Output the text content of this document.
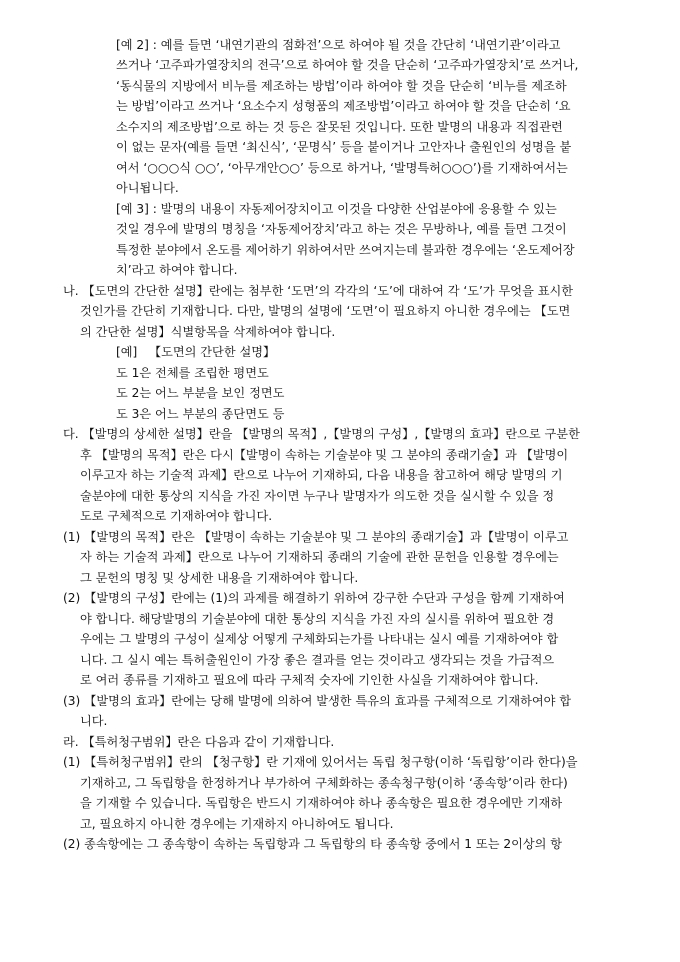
[예 2] : 예를 들면 ‘내연기관의 점화전’으로 하여야 될 것을 간단히 ‘내연기관’이라고
쓰거나 ‘고주파가열장치의 전극’으로 하여야 할 것을 단순히 ‘고주파가열장치’로 쓰거나,
‘동식물의 지방에서 비누를 제조하는 방법’이라 하여야 할 것을 단순히 ‘비누를 제조하
는 방법’이라고 쓰거나 ‘요소수지 성형품의 제조방법’이라고 하여야 할 것을 단순히 ‘요
소수지의 제조방법’으로 하는 것 등은 잘못된 것입니다. 또한 발명의 내용과 직접관련
이 없는 문자(예를 들면 ‘최신식’, ‘문명식’ 등을 붙이거나 고안자나 출원인의 성명을 붙
여서 ‘○○○식 ○○’, ‘아무개안○○’ 등으로 하거나, ‘발명특허○○○’)를 기재하여서는
아니됩니다.
[예 3] : 발명의 내용이 자동제어장치이고 이것을 다양한 산업분야에 응용할 수 있는
것일 경우에 발명의 명칭을 ‘자동제어장치’라고 하는 것은 무방하나, 예를 들면 그것이
특정한 분야에서 온도를 제어하기 위하여서만 쓰여지는데 불과한 경우에는 ‘온도제어장
치’라고 하여야 합니다.
나. 【도면의 간단한 설명】란에는 첨부한 ‘도면’의 각각의 ‘도’에 대하여 각 ‘도’가 무엇을 표시한
것인가를 간단히 기재합니다. 다만, 발명의 설명에 ‘도면’이 필요하지 아니한 경우에는 【도면
의 간단한 설명】식별항목을 삭제하여야 합니다.
[예]   【도면의 간단한 설명】
도 1은 전체를 조립한 평면도
도 2는 어느 부분을 보인 정면도
도 3은 어느 부분의 종단면도 등
다. 【발명의 상세한 설명】란을 【발명의 목적】,【발명의 구성】,【발명의 효과】란으로 구분한
후 【발명의 목적】란은 다시【발명이 속하는 기술분야 및 그 분야의 종래기술】과 【발명이
이루고자 하는 기술적 과제】란으로 나누어 기재하되, 다음 내용을 참고하여 해당 발명의 기
술분야에 대한 통상의 지식을 가진 자이면 누구나 발명자가 의도한 것을 실시할 수 있을 정
도로 구체적으로 기재하여야 합니다.
(1) 【발명의 목적】란은 【발명이 속하는 기술분야 및 그 분야의 종래기술】과【발명이 이루고
자 하는 기술적 과제】란으로 나누어 기재하되 종래의 기술에 관한 문헌을 인용할 경우에는
그 문헌의 명칭 및 상세한 내용을 기재하여야 합니다.
(2) 【발명의 구성】란에는 (1)의 과제를 해결하기 위하여 강구한 수단과 구성을 함께 기재하여
야 합니다. 해당발명의 기술분야에 대한 통상의 지식을 가진 자의 실시를 위하여 필요한 경
우에는 그 발명의 구성이 실제상 어떻게 구체화되는가를 나타내는 실시 예를 기재하여야 합
니다. 그 실시 예는 특허출원인이 가장 좋은 결과를 얻는 것이라고 생각되는 것을 가급적으
로 여러 종류를 기재하고 필요에 따라 구체적 숫자에 기인한 사실을 기재하여야 합니다.
(3) 【발명의 효과】란에는 당해 발명에 의하여 발생한 특유의 효과를 구체적으로 기재하여야 합
니다.
라. 【특허청구범위】란은 다음과 같이 기재합니다.
(1) 【특허청구범위】란의 【청구항】란 기재에 있어서는 독립 청구항(이하 ‘독립항’이라 한다)을
기재하고, 그 독립항을 한정하거나 부가하여 구체화하는 종속청구항(이하 ‘종속항’이라 한다)
을 기재할 수 있습니다. 독립항은 반드시 기재하여야 하나 종속항은 필요한 경우에만 기재하
고, 필요하지 아니한 경우에는 기재하지 아니하여도 됩니다.
(2) 종속항에는 그 종속항이 속하는 독립항과 그 독립항의 타 종속항 중에서 1 또는 2이상의 항
